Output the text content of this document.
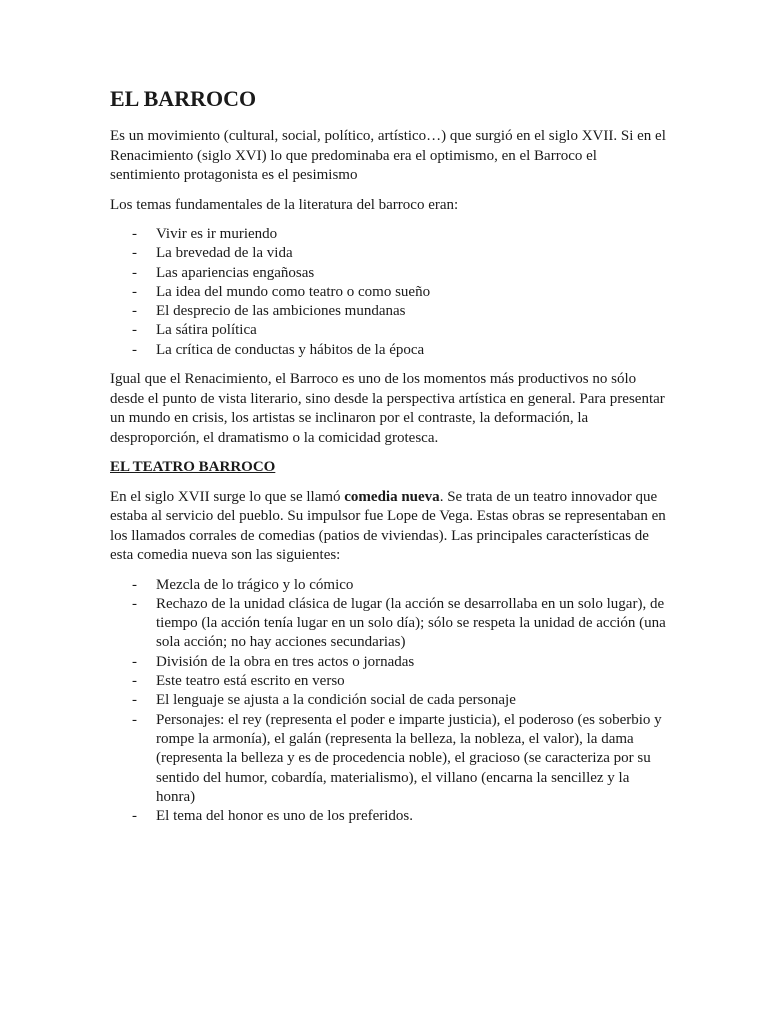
EL BARROCO

Es un movimiento (cultural, social, político, artístico…) que surgió en el siglo XVII. Si en el Renacimiento (siglo XVI) lo que predominaba era el optimismo, en el Barroco el sentimiento protagonista es el pesimismo

Los temas fundamentales de la literatura del barroco eran:

- Vivir es ir muriendo
- La brevedad de la vida
- Las apariencias engañosas
- La idea del mundo como teatro o como sueño
- El desprecio de las ambiciones mundanas
- La sátira política
- La crítica de conductas y hábitos de la época

Igual que el Renacimiento, el Barroco es uno de los momentos más productivos no sólo desde el punto de vista literario, sino desde la perspectiva artística en general. Para presentar un mundo en crisis, los artistas se inclinaron por el contraste, la deformación, la desproporción, el dramatismo o la comicidad grotesca.

EL TEATRO BARROCO

En el siglo XVII surge lo que se llamó comedia nueva. Se trata de un teatro innovador que estaba al servicio del pueblo. Su impulsor fue Lope de Vega. Estas obras se representaban en los llamados corrales de comedias (patios de viviendas). Las principales características de esta comedia nueva son las siguientes:

- Mezcla de lo trágico y lo cómico
- Rechazo de la unidad clásica de lugar (la acción se desarrollaba en un solo lugar), de tiempo (la acción tenía lugar en un solo día); sólo se respeta la unidad de acción (una sola acción; no hay acciones secundarias)
- División de la obra en tres actos o jornadas
- Este teatro está escrito en verso
- El lenguaje se ajusta a la condición social de cada personaje
- Personajes: el rey (representa el poder e imparte justicia), el poderoso (es soberbio y rompe la armonía), el galán (representa la belleza, la nobleza, el valor), la dama (representa la belleza y es de procedencia noble), el gracioso (se caracteriza por su sentido del humor, cobardía, materialismo), el villano (encarna la sencillez y la honra)
- El tema del honor es uno de los preferidos.
